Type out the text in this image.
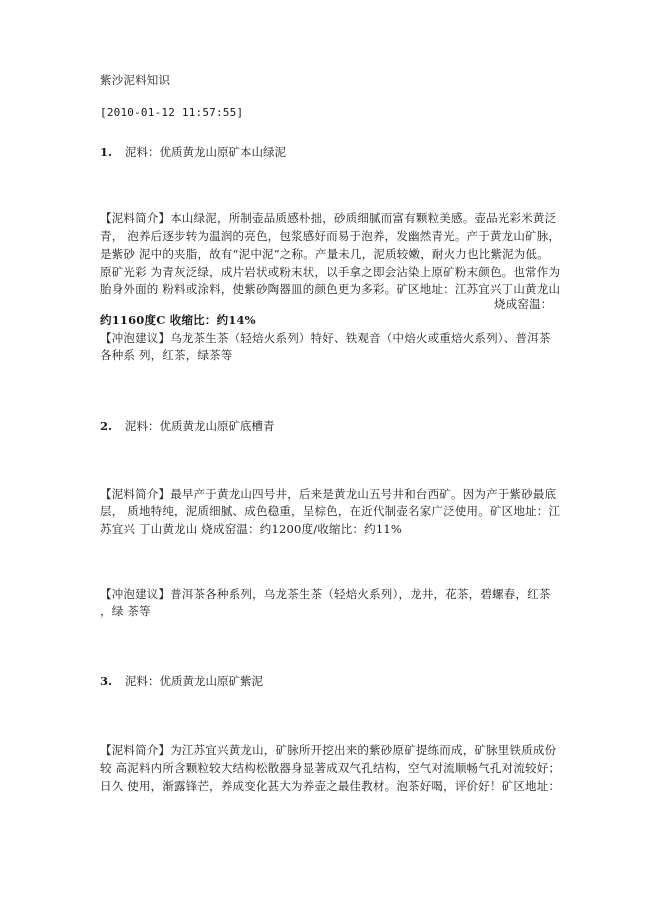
紫沙泥料知识
[2010-01-12 11:57:55]
1. 泥料：优质黄龙山原矿本山绿泥
【泥料简介】本山绿泥，所制壶品质感朴拙，砂质细腻而富有颗粒美感。壶品光彩米黄泛
青， 泡养后逐步转为温润的亮色，包浆感好而易于泡养，发幽然青光。产于黄龙山矿脉，
是紫砂 泥中的夹脂，故有“泥中泥”之称。产量未几，泥质较嫩，耐火力也比紫泥为低。
原矿光彩 为青灰泛绿，成片岩状或粉末状，以手拿之即会沾染上原矿粉末颜色。也常作为
胎身外面的 粉料或涂料，使紫砂陶器皿的颜色更为多彩。矿区地址：江苏宜兴丁山黄龙山
烧成窑温：
约1160度C 收缩比：约14%
【冲泡建议】乌龙茶生茶（轻焙火系列）特好、铁观音（中焙火或重焙火系列）、普洱茶
各种系 列，红茶，绿茶等
2. 泥料：优质黄龙山原矿底槽青
【泥料简介】最早产于黄龙山四号井，后来是黄龙山五号井和台西矿。因为产于紫砂最底
层， 质地特纯，泥质细腻、成色稳重，呈棕色，在近代制壶名家广泛使用。矿区地址：江
苏宜兴 丁山黄龙山 烧成窑温：约1200度/收缩比：约11%
【冲泡建议】普洱茶各种系列，乌龙茶生茶（轻焙火系列），龙井，花茶，碧螺春，红茶
，绿 茶等
3. 泥料：优质黄龙山原矿紫泥
【泥料简介】为江苏宜兴黄龙山，矿脉所开挖出来的紫砂原矿提练而成，矿脉里铁质成份
较 高泥料内所含颗粒较大结构松散器身显著成双气孔结构，空气对流顺畅气孔对流较好；
日久 使用，渐露锋芒，养成变化甚大为养壶之最佳教材。泡茶好喝，评价好！矿区地址：
